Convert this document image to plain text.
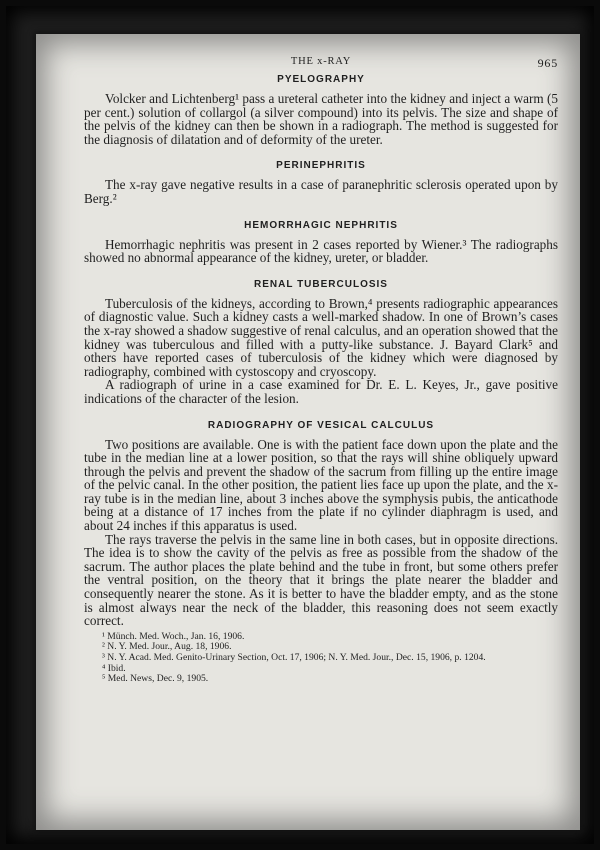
THE x-RAY	965
PYELOGRAPHY

Volcker and Lichtenberg¹ pass a ureteral catheter into the kidney and inject a warm (5 per cent.) solution of collargol (a silver compound) into its pelvis. The size and shape of the pelvis of the kidney can then be shown in a radiograph. The method is suggested for the diagnosis of dilatation and of deformity of the ureter.

PERINEPHRITIS

The x-ray gave negative results in a case of paranephritic sclerosis operated upon by Berg.²

HEMORRHAGIC NEPHRITIS

Hemorrhagic nephritis was present in 2 cases reported by Wiener.³ The radiographs showed no abnormal appearance of the kidney, ureter, or bladder.

RENAL TUBERCULOSIS

Tuberculosis of the kidneys, according to Brown,⁴ presents radiographic appearances of diagnostic value. Such a kidney casts a well-marked shadow. In one of Brown’s cases the x-ray showed a shadow suggestive of renal calculus, and an operation showed that the kidney was tuberculous and filled with a putty-like substance. J. Bayard Clark⁵ and others have reported cases of tuberculosis of the kidney which were diagnosed by radiography, combined with cystoscopy and cryoscopy.

A radiograph of urine in a case examined for Dr. E. L. Keyes, Jr., gave positive indications of the character of the lesion.

RADIOGRAPHY OF VESICAL CALCULUS

Two positions are available. One is with the patient face down upon the plate and the tube in the median line at a lower position, so that the rays will shine obliquely upward through the pelvis and prevent the shadow of the sacrum from filling up the entire image of the pelvic canal. In the other position, the patient lies face up upon the plate, and the x-ray tube is in the median line, about 3 inches above the symphysis pubis, the anticathode being at a distance of 17 inches from the plate if no cylinder diaphragm is used, and about 24 inches if this apparatus is used.

The rays traverse the pelvis in the same line in both cases, but in opposite directions. The idea is to show the cavity of the pelvis as free as possible from the shadow of the sacrum. The author places the plate behind and the tube in front, but some others prefer the ventral position, on the theory that it brings the plate nearer the bladder and consequently nearer the stone. As it is better to have the bladder empty, and as the stone is almost always near the neck of the bladder, this reasoning does not seem exactly correct.

¹ Münch. Med. Woch., Jan. 16, 1906.

² N. Y. Med. Jour., Aug. 18, 1906.

³ N. Y. Acad. Med. Genito-Urinary Section, Oct. 17, 1906; N. Y. Med. Jour., Dec. 15, 1906, p. 1204.

⁴ Ibid.

⁵ Med. News, Dec. 9, 1905.
